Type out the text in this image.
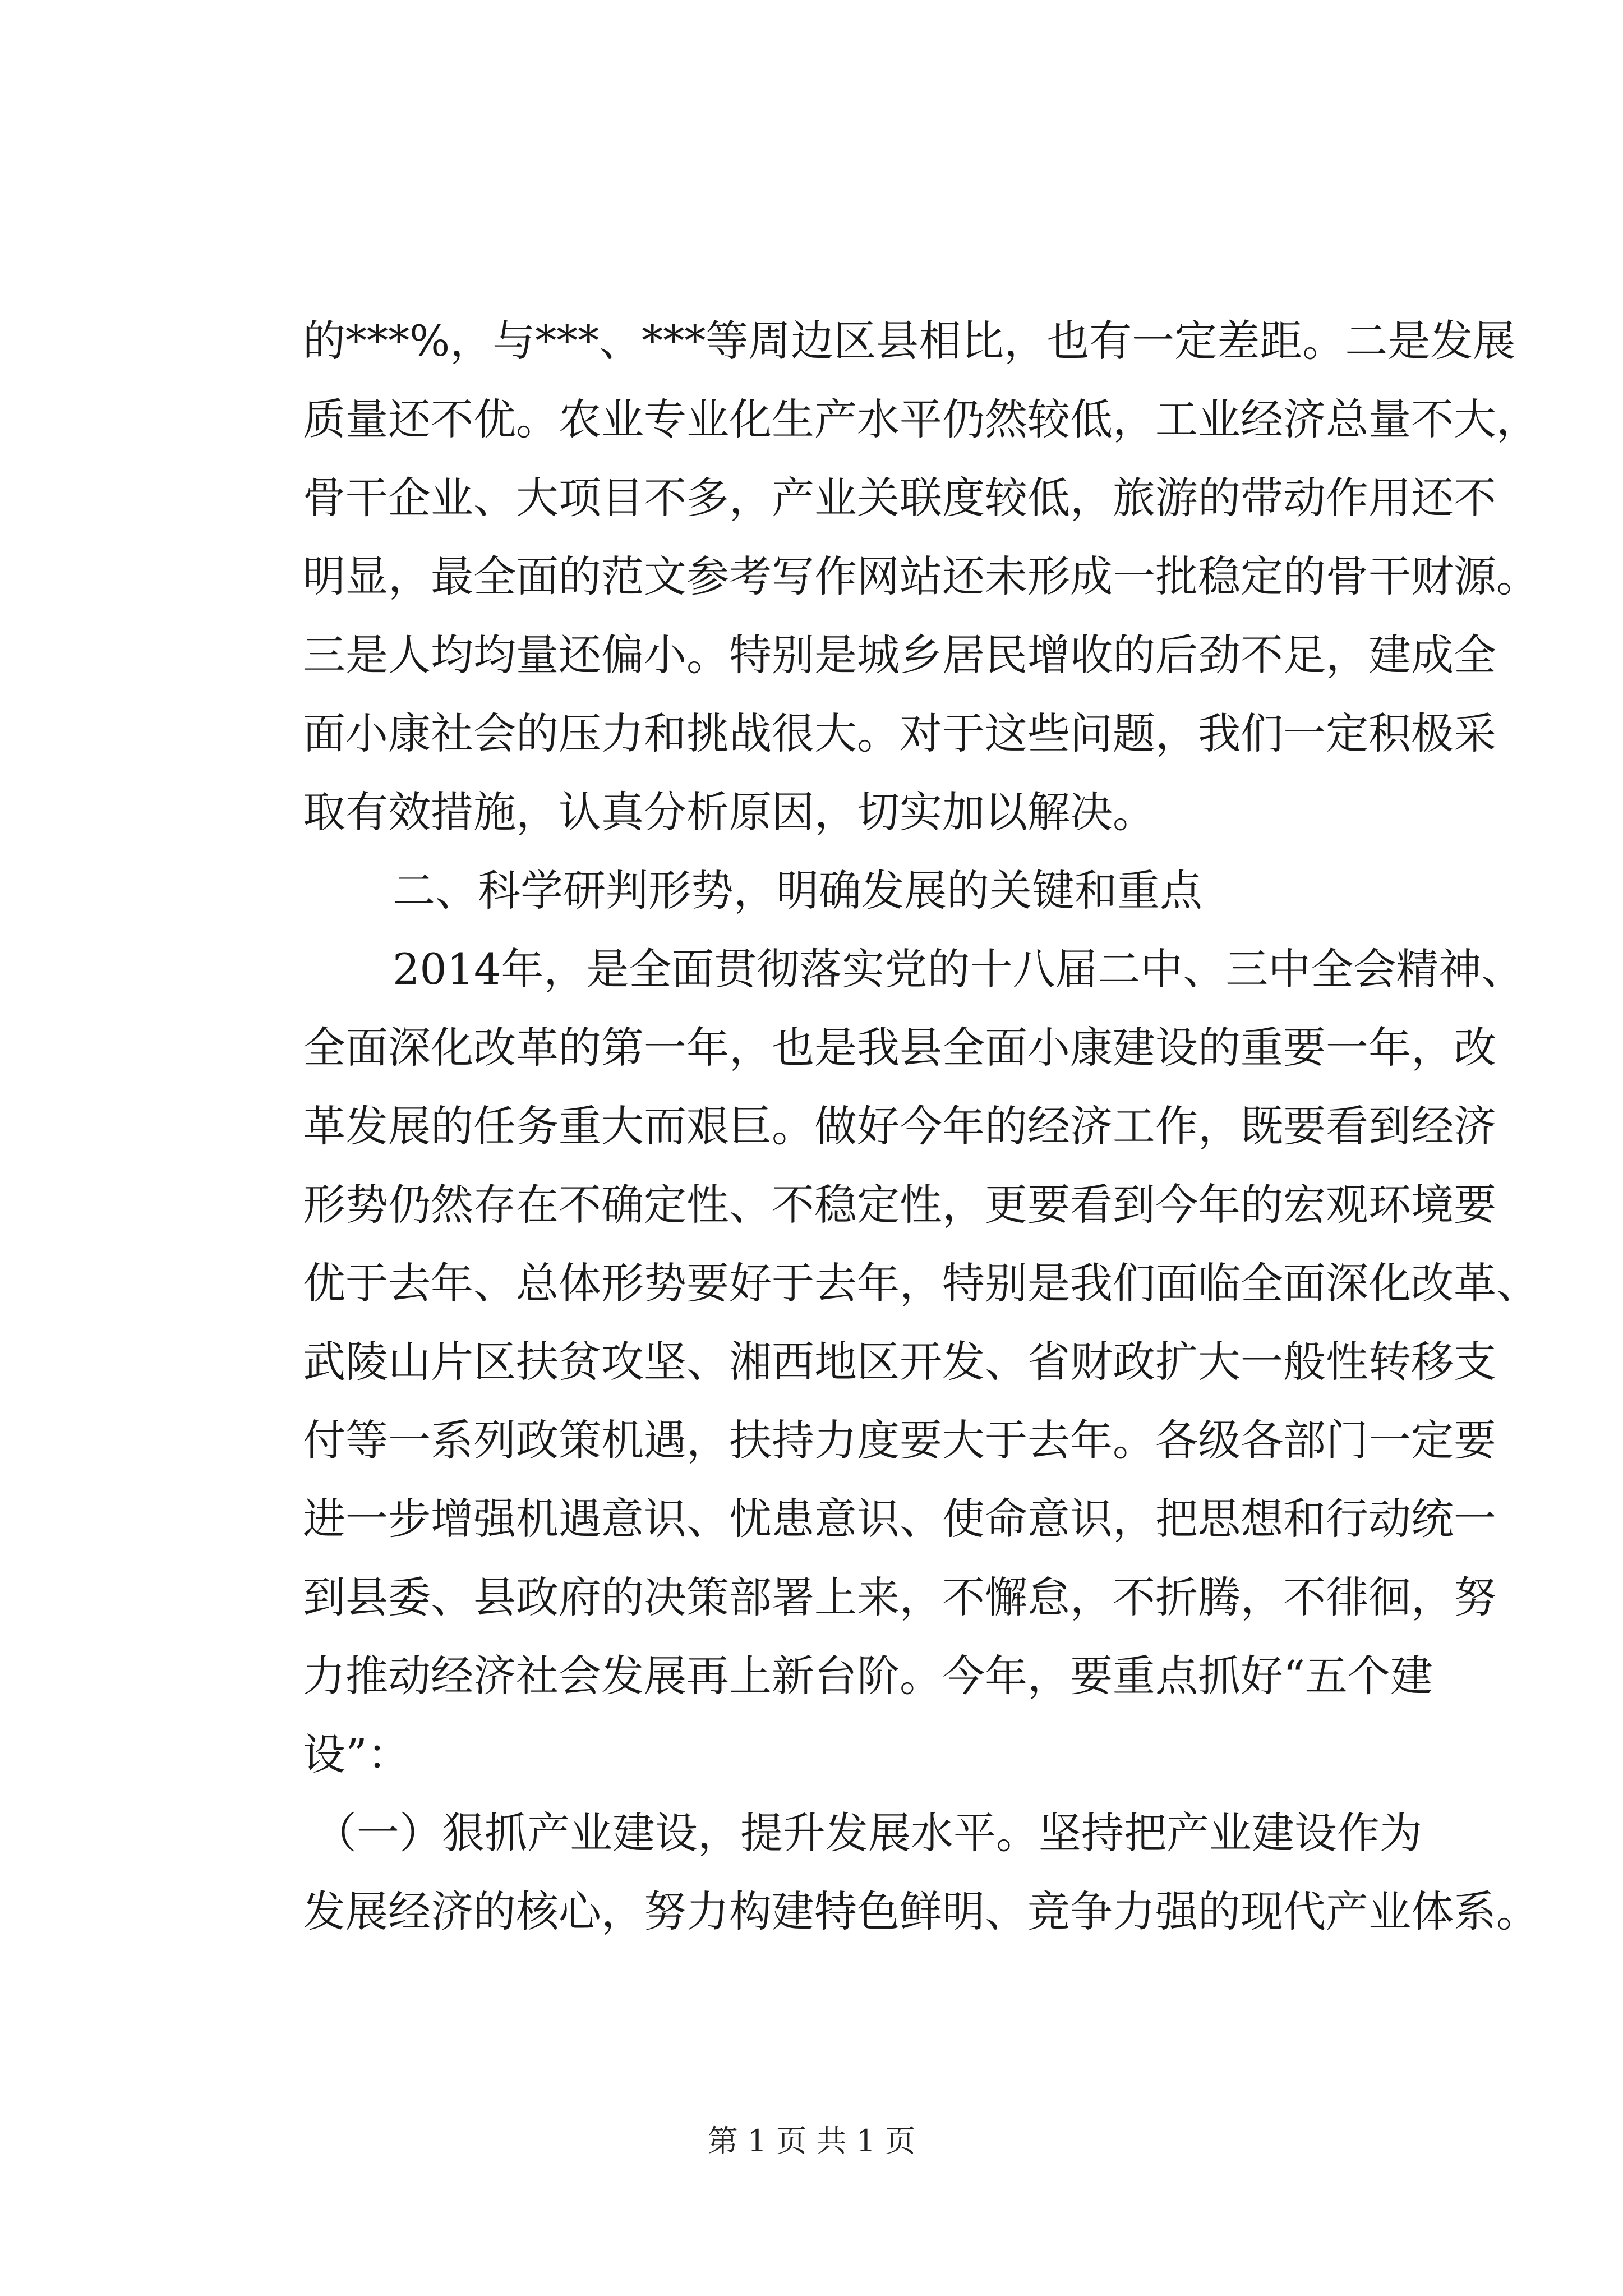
的***%，与***、***等周边区县相比，也有一定差距。二是发展
质量还不优。农业专业化生产水平仍然较低，工业经济总量不大，
骨干企业、大项目不多，产业关联度较低，旅游的带动作用还不
明显，最全面的范文参考写作网站还未形成一批稳定的骨干财源。
三是人均均量还偏小。特别是城乡居民增收的后劲不足，建成全
面小康社会的压力和挑战很大。对于这些问题，我们一定积极采
取有效措施，认真分析原因，切实加以解决。
二、科学研判形势，明确发展的关键和重点
2014年，是全面贯彻落实党的十八届二中、三中全会精神、
全面深化改革的第一年，也是我县全面小康建设的重要一年，改
革发展的任务重大而艰巨。做好今年的经济工作，既要看到经济
形势仍然存在不确定性、不稳定性，更要看到今年的宏观环境要
优于去年、总体形势要好于去年，特别是我们面临全面深化改革、
武陵山片区扶贫攻坚、湘西地区开发、省财政扩大一般性转移支
付等一系列政策机遇，扶持力度要大于去年。各级各部门一定要
进一步增强机遇意识、忧患意识、使命意识，把思想和行动统一
到县委、县政府的决策部署上来，不懈怠，不折腾，不徘徊，努
力推动经济社会发展再上新台阶。今年，要重点抓好“五个建
设”：
（一）狠抓产业建设，提升发展水平。坚持把产业建设作为
发展经济的核心，努力构建特色鲜明、竞争力强的现代产业体系。
第 1 页 共 1 页
